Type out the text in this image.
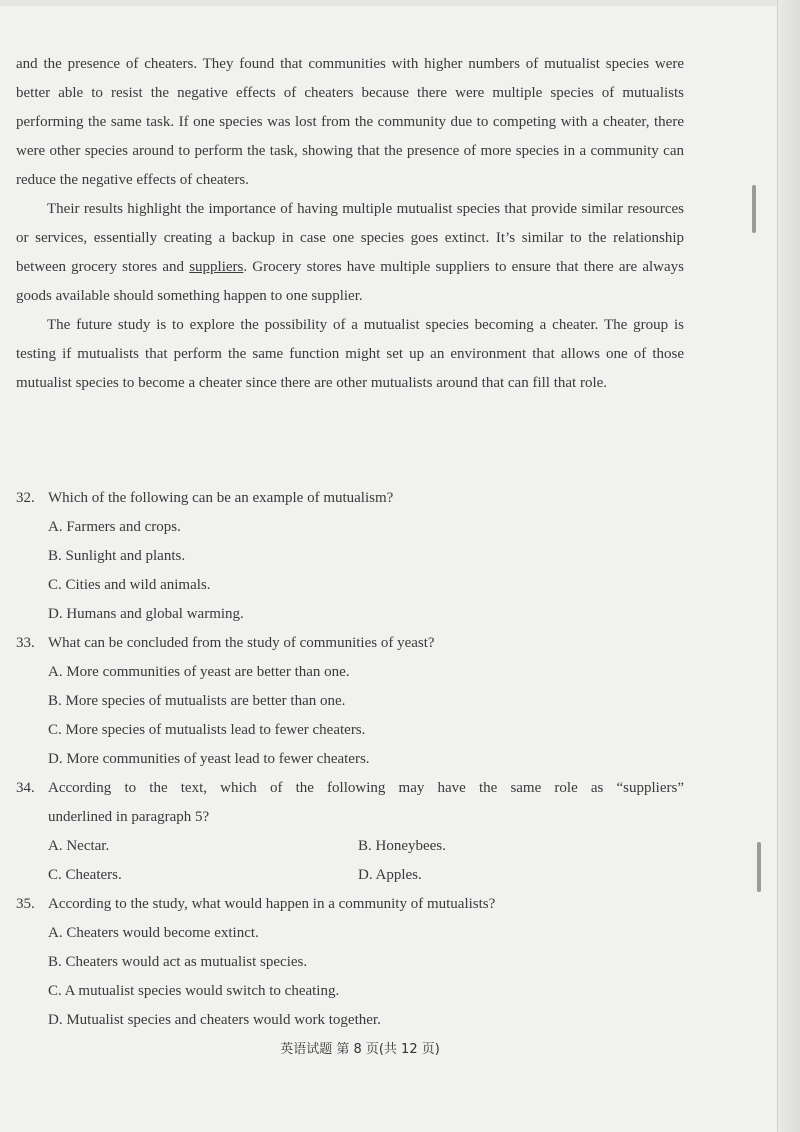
and the presence of cheaters. They found that communities with higher numbers of mutualist species were better able to resist the negative effects of cheaters because there were multiple species of mutualists performing the same task. If one species was lost from the community due to competing with a cheater, there were other species around to perform the task, showing that the presence of more species in a community can reduce the negative effects of cheaters.

Their results highlight the importance of having multiple mutualist species that provide similar resources or services, essentially creating a backup in case one species goes extinct. It’s similar to the relationship between grocery stores and suppliers. Grocery stores have multiple suppliers to ensure that there are always goods available should something happen to one supplier.

The future study is to explore the possibility of a mutualist species becoming a cheater. The group is testing if mutualists that perform the same function might set up an environment that allows one of those mutualist species to become a cheater since there are other mutualists around that can fill that role.

32. Which of the following can be an example of mutualism?
A. Farmers and crops.
B. Sunlight and plants.
C. Cities and wild animals.
D. Humans and global warming.
33. What can be concluded from the study of communities of yeast?
A. More communities of yeast are better than one.
B. More species of mutualists are better than one.
C. More species of mutualists lead to fewer cheaters.
D. More communities of yeast lead to fewer cheaters.
34. According to the text, which of the following may have the same role as “suppliers”
underlined in paragraph 5?
A. Nectar.	B. Honeybees.
C. Cheaters.	D. Apples.
35. According to the study, what would happen in a community of mutualists?
A. Cheaters would become extinct.
B. Cheaters would act as mutualist species.
C. A mutualist species would switch to cheating.
D. Mutualist species and cheaters would work together.
英语试题 第 8 页(共 12 页)
